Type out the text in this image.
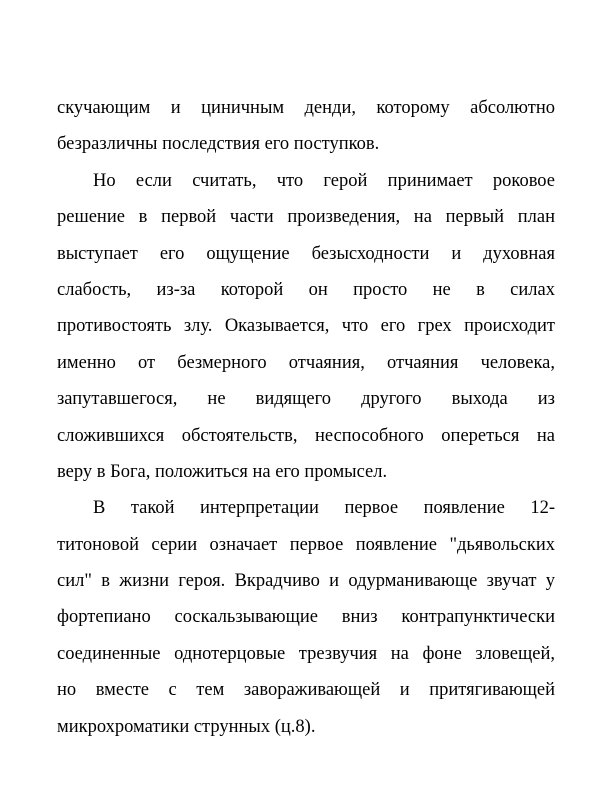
скучающим и циничным денди, которому абсолютно
безразличны последствия его поступков.
Но если считать, что герой принимает роковое
решение в первой части произведения, на первый план
выступает его ощущение безысходности и духовная
слабость, из-за которой он просто не в силах
противостоять злу. Оказывается, что его грех происходит
именно от безмерного отчаяния, отчаяния человека,
запутавшегося, не видящего другого выхода из
сложившихся обстоятельств, неспособного опереться на
веру в Бога, положиться на его промысел.
В такой интерпретации первое появление 12-
титоновой серии означает первое появление "дьявольских
сил" в жизни героя. Вкрадчиво и одурманивающе звучат у
фортепиано соскальзывающие вниз контрапунктически
соединенные однотерцовые трезвучия на фоне зловещей,
но вместе с тем завораживающей и притягивающей
микрохроматики струнных (ц.8).
